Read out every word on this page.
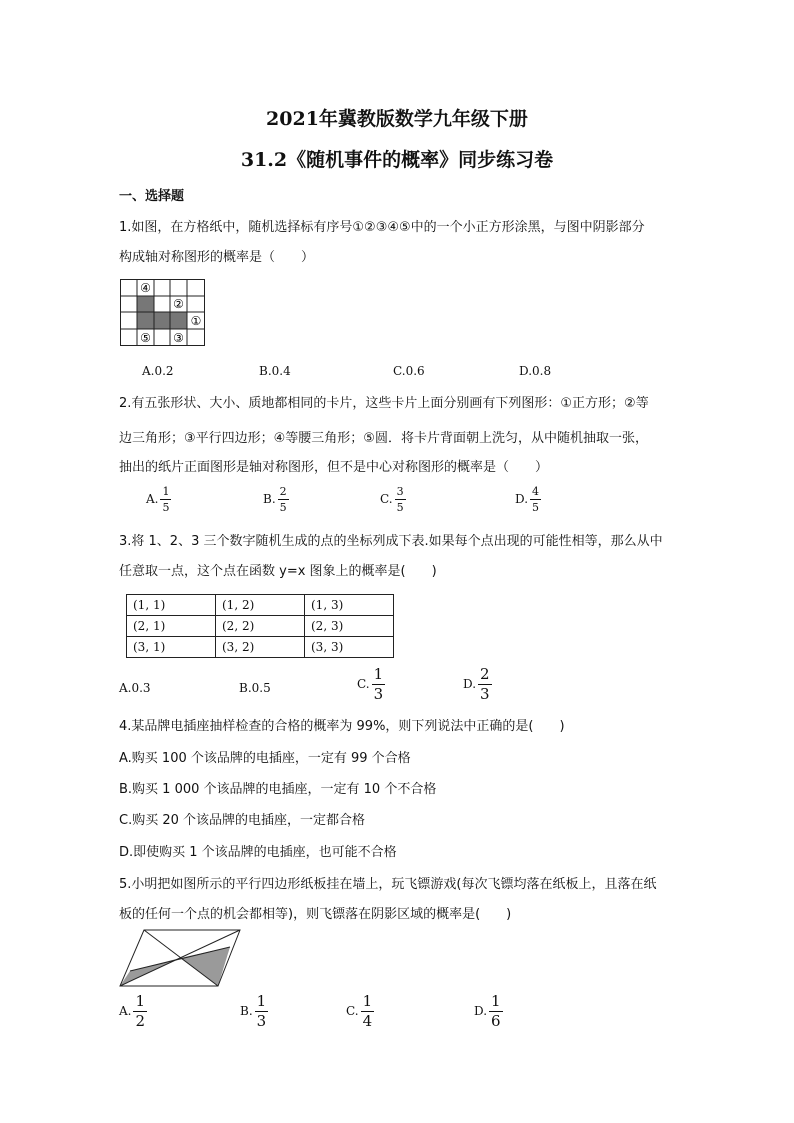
2021年冀教版数学九年级下册
31.2《随机事件的概率》同步练习卷
一、选择题
1.如图，在方格纸中，随机选择标有序号①②③④⑤中的一个小正方形涂黑，与图中阴影部分
构成轴对称图形的概率是（　　）
④
②
①
⑤ ③
A.0.2	B.0.4	C.0.6	D.0.8
2.有五张形状、大小、质地都相同的卡片，这些卡片上面分别画有下列图形：①正方形；②等
边三角形；③平行四边形；④等腰三角形；⑤圆．将卡片背面朝上洗匀，从中随机抽取一张，
抽出的纸片正面图形是轴对称图形，但不是中心对称图形的概率是（　　）
A. $\frac{1}{5}$	B. $\frac{2}{5}$	C. $\frac{3}{5}$	D. $\frac{4}{5}$
3.将 1、2、3 三个数字随机生成的点的坐标列成下表.如果每个点出现的可能性相等，那么从中
任意取一点，这个点在函数 y=x 图象上的概率是(　　)
(1, 1)	(1, 2)	(1, 3)
(2, 1)	(2, 2)	(2, 3)
(3, 1)	(3, 2)	(3, 3)
A.0.3	B.0.5	C. $\frac{1}{3}$	D. $\frac{2}{3}$
4.某品牌电插座抽样检查的合格的概率为 99%，则下列说法中正确的是(　　)
A.购买 100 个该品牌的电插座，一定有 99 个合格
B.购买 1 000 个该品牌的电插座，一定有 10 个不合格
C.购买 20 个该品牌的电插座，一定都合格
D.即使购买 1 个该品牌的电插座，也可能不合格
5.小明把如图所示的平行四边形纸板挂在墙上，玩飞镖游戏(每次飞镖均落在纸板上，且落在纸
板的任何一个点的机会都相等)，则飞镖落在阴影区域的概率是(　　)
A. $\frac{1}{2}$	B. $\frac{1}{3}$	C. $\frac{1}{4}$	D. $\frac{1}{6}$
